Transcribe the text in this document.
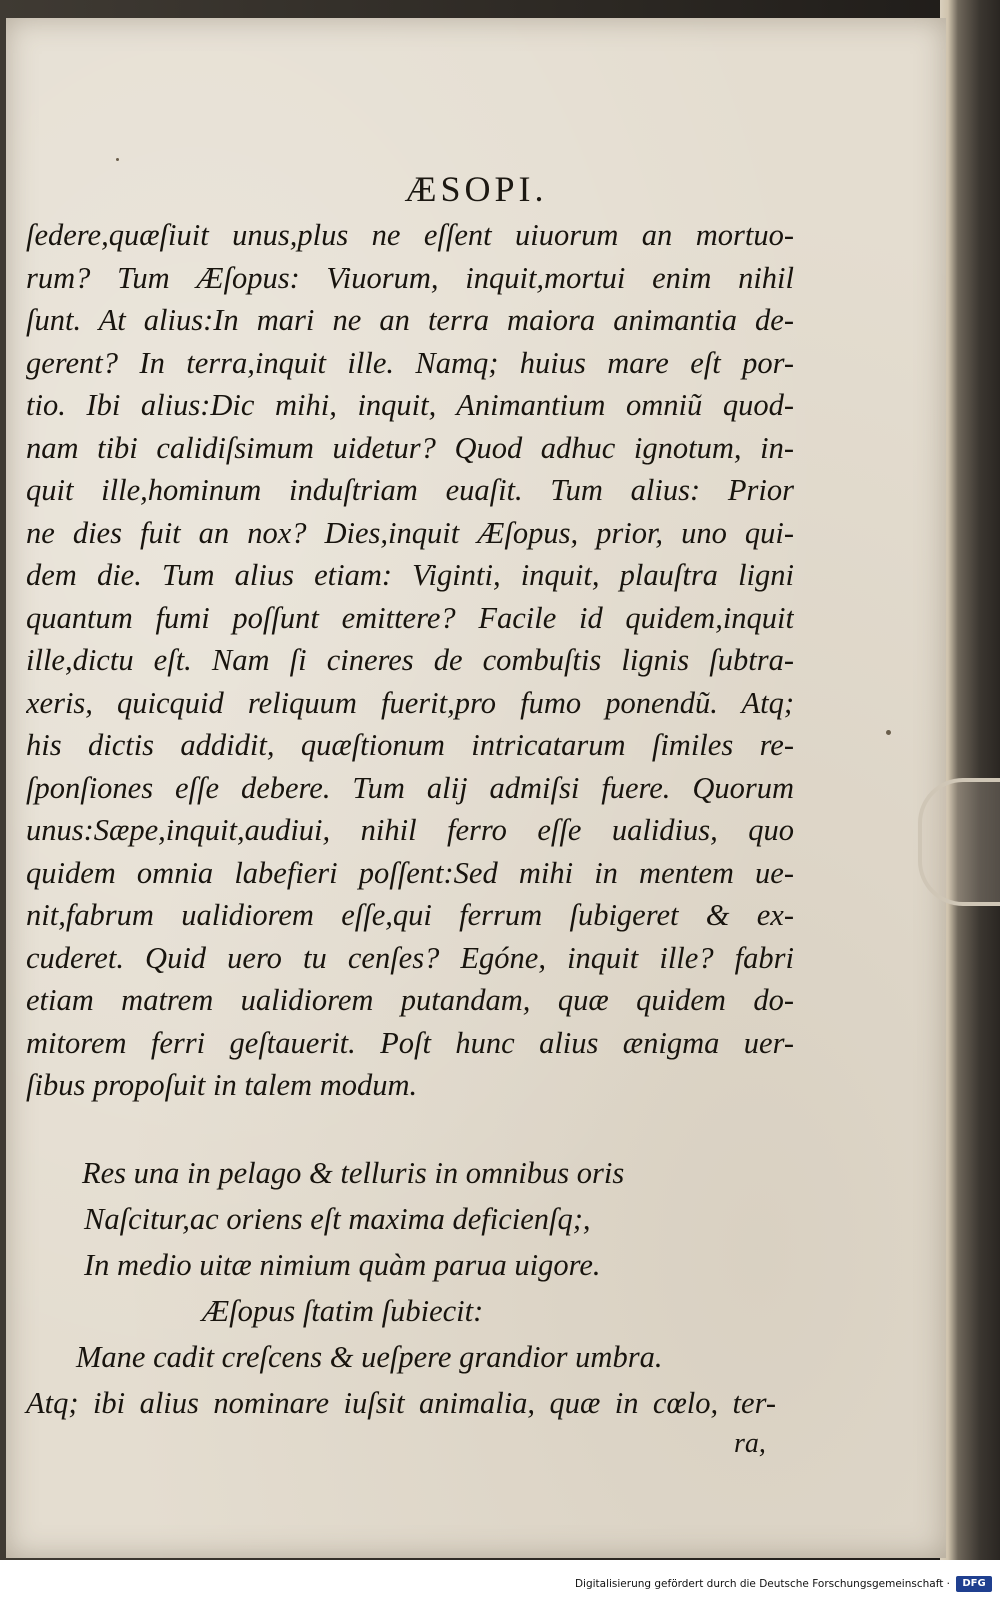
ÆSOPI.
ſedere,quæſiuit unus,plus ne eſſent uiuorum an mortuo-
rum? Tum Æſopus: Viuorum, inquit,mortui enim nihil
ſunt. At alius:In mari ne an terra maiora animantia de-
gerent? In terra,inquit ille. Namq; huius mare eſt por-
tio. Ibi alius:Dic mihi, inquit, Animantium omniũ quod-
nam tibi calidiſsimum uidetur? Quod adhuc ignotum, in-
quit ille,hominum induſtriam euaſit. Tum alius: Prior
ne dies fuit an nox? Dies,inquit Æſopus, prior, uno qui-
dem die. Tum alius etiam: Viginti, inquit, plauſtra ligni
quantum fumi poſſunt emittere? Facile id quidem,inquit
ille,dictu eſt. Nam ſi cineres de combuſtis lignis ſubtra-
xeris, quicquid reliquum fuerit,pro fumo ponendũ. Atq;
his dictis addidit, quæſtionum intricatarum ſimiles re-
ſponſiones eſſe debere. Tum alij admiſsi fuere. Quorum
unus:Sæpe,inquit,audiui, nihil ferro eſſe ualidius, quo
quidem omnia labefieri poſſent:Sed mihi in mentem ue-
nit,fabrum ualidiorem eſſe,qui ferrum ſubigeret & ex-
cuderet. Quid uero tu cenſes? Egóne, inquit ille? fabri
etiam matrem ualidiorem putandam, quæ quidem do-
mitorem ferri geſtauerit. Poſt hunc alius ænigma uer-
ſibus propoſuit in talem modum.
Res una in pelago & telluris in omnibus oris
Naſcitur,ac oriens eſt maxima deficienſq;,
In medio uitæ nimium quàm parua uigore.
Æſopus ſtatim ſubiecit:
Mane cadit creſcens & ueſpere grandior umbra.
Atq; ibi alius nominare iuſsit animalia, quæ in cœlo, ter-
ra,
Digitalisierung gefördert durch die Deutsche Forschungsgemeinschaft ·	DFG
